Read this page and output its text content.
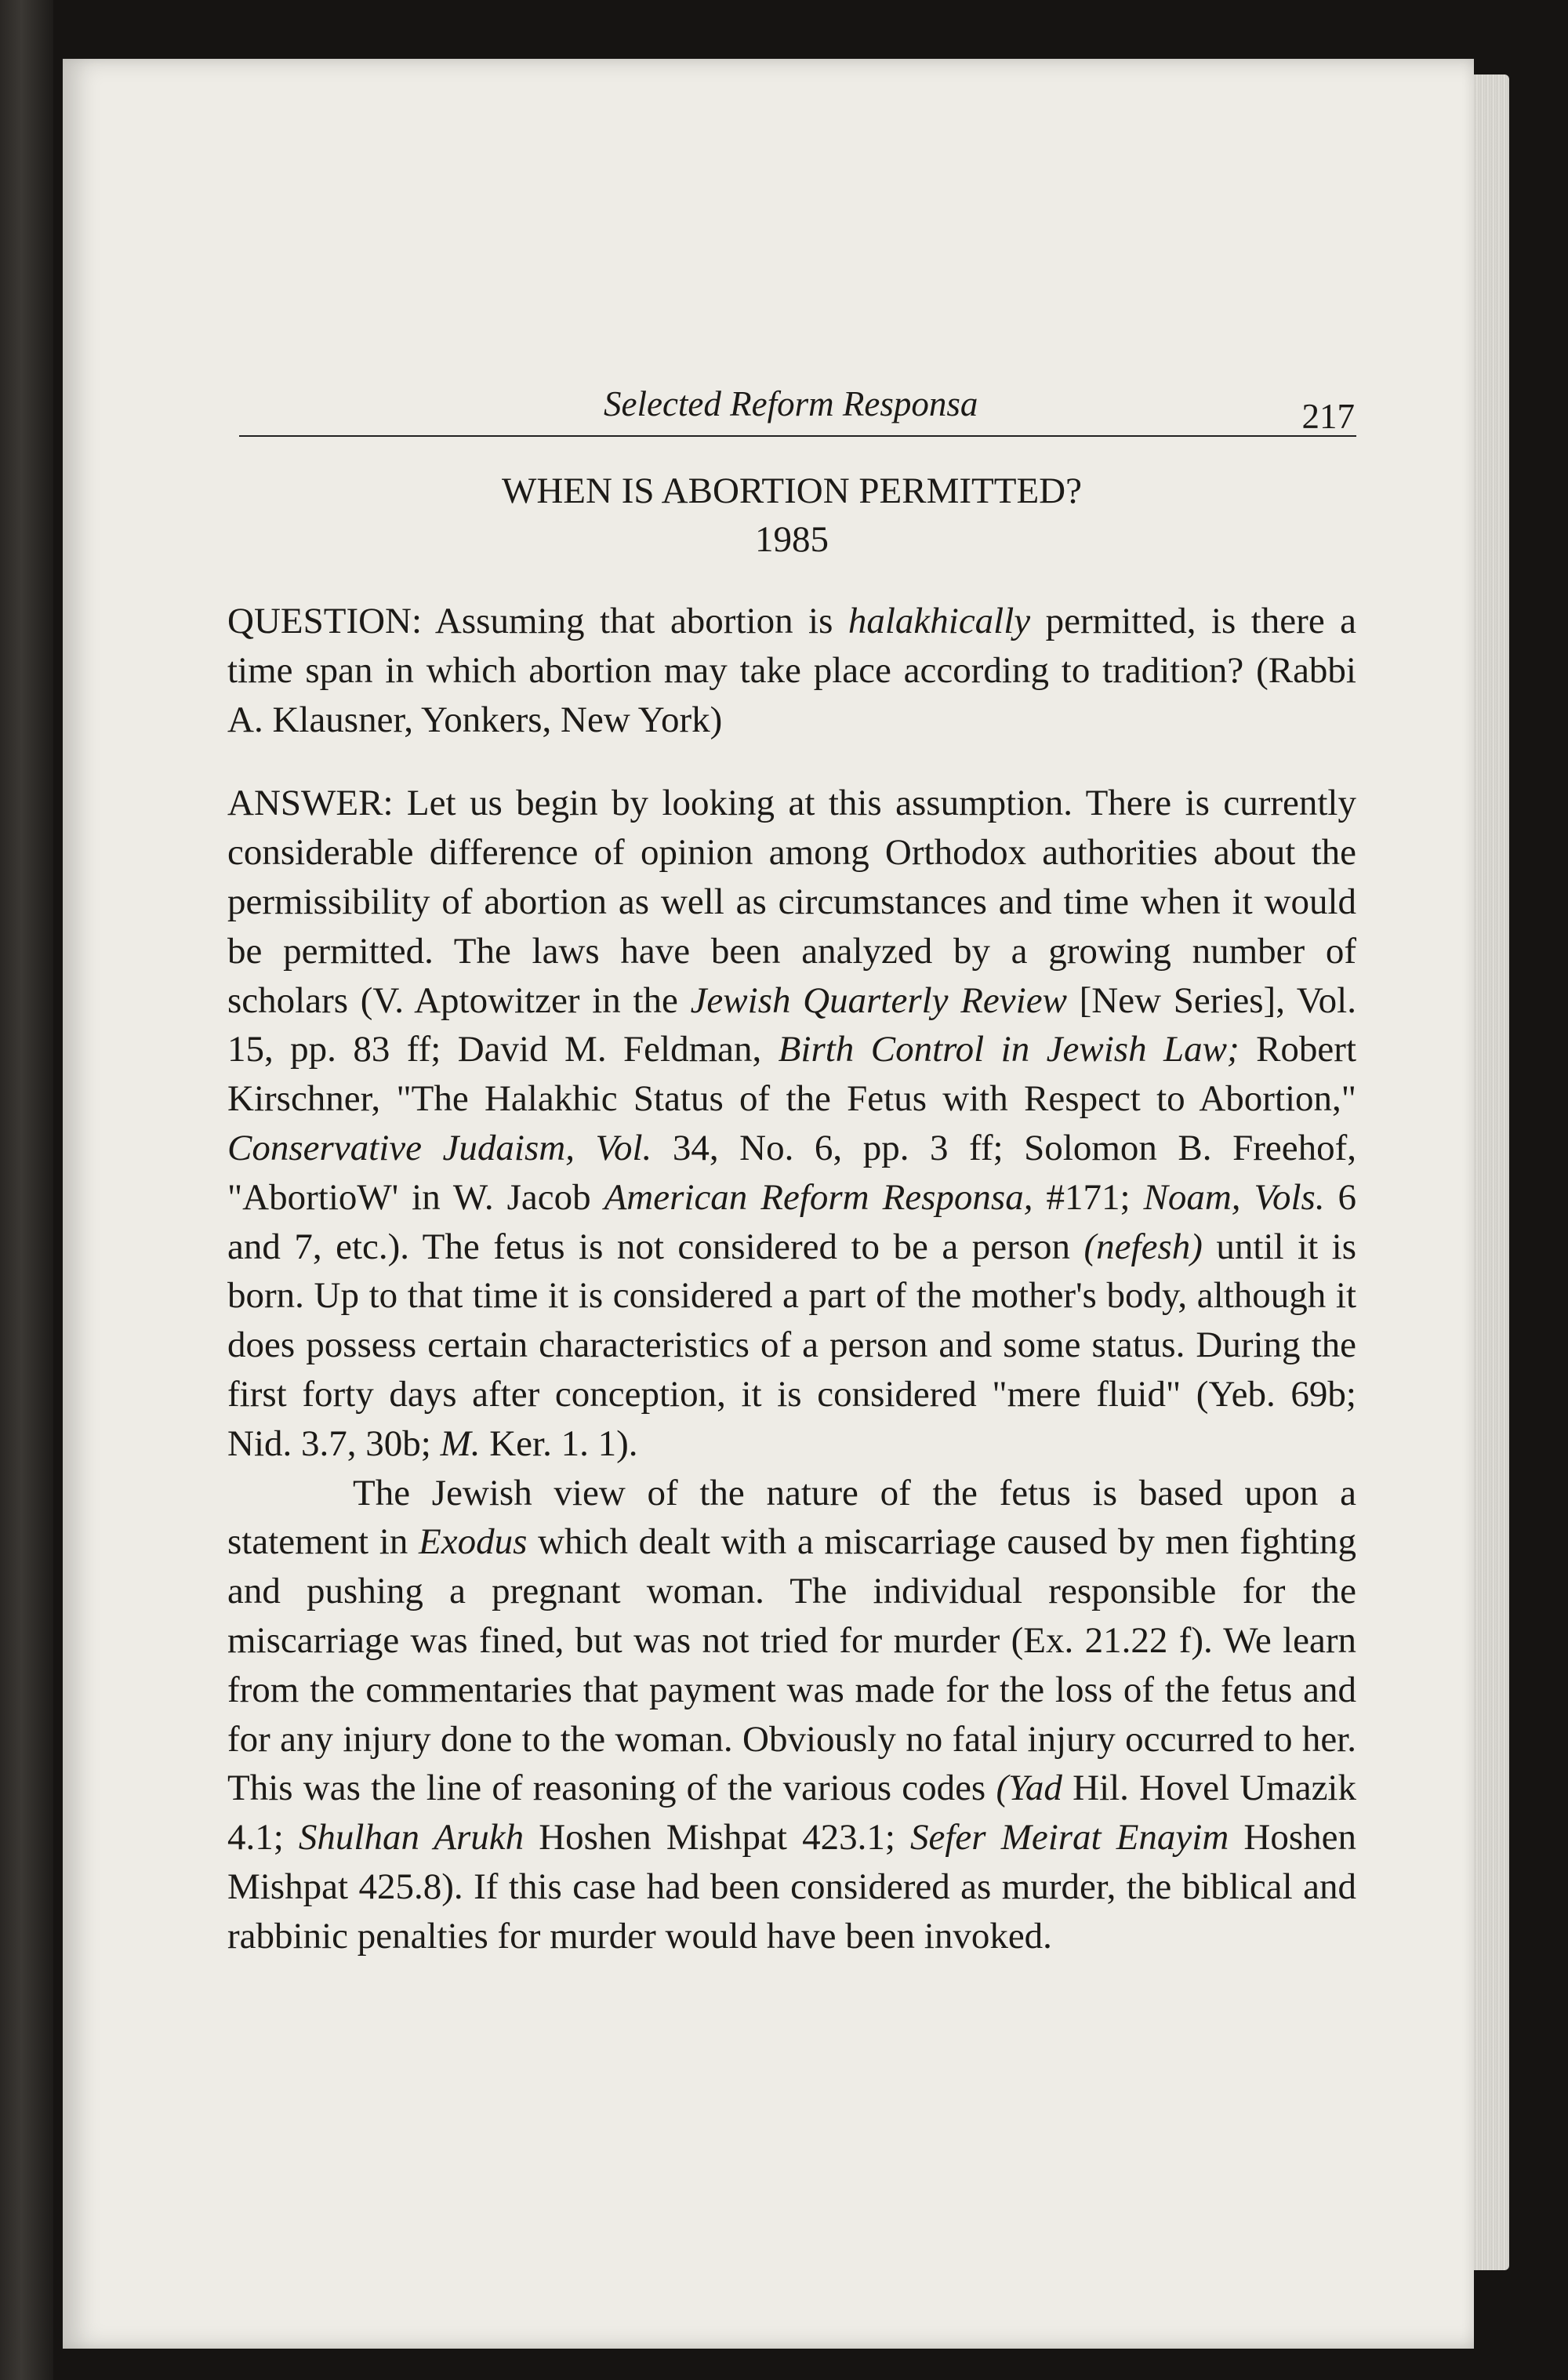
Selected Reform Responsa	217
WHEN IS ABORTION PERMITTED?
1985

QUESTION: Assuming that abortion is halakhically permitted, is there a time span in which abortion may take place according to tradition? (Rabbi A. Klausner, Yonkers, New York)

ANSWER: Let us begin by looking at this assumption. There is currently considerable difference of opinion among Orthodox authorities about the permissibility of abortion as well as circumstances and time when it would be permitted. The laws have been analyzed by a growing number of scholars (V. Aptowitzer in the Jewish Quarterly Review [New Series], Vol. 15, pp. 83 ff; David M. Feldman, Birth Control in Jewish Law; Robert Kirschner, "The Halakhic Status of the Fetus with Respect to Abortion," Conservative Judaism, Vol. 34, No. 6, pp. 3 ff; Solomon B. Freehof, "AbortioW' in W. Jacob American Reform Responsa, #171; Noam, Vols. 6 and 7, etc.). The fetus is not considered to be a person (nefesh) until it is born. Up to that time it is considered a part of the mother's body, although it does possess certain characteristics of a person and some status. During the first forty days after conception, it is considered "mere fluid" (Yeb. 69b; Nid. 3.7, 30b; M. Ker. 1. 1).

The Jewish view of the nature of the fetus is based upon a statement in Exodus which dealt with a miscarriage caused by men fighting and pushing a pregnant woman. The individual responsible for the miscarriage was fined, but was not tried for murder (Ex. 21.22 f). We learn from the commentaries that payment was made for the loss of the fetus and for any injury done to the woman. Obviously no fatal injury occurred to her. This was the line of reasoning of the various codes (Yad Hil. Hovel Umazik 4.1; Shulhan Arukh Hoshen Mishpat 423.1; Sefer Meirat Enayim Hoshen Mishpat 425.8). If this case had been considered as murder, the biblical and rabbinic penalties for murder would have been invoked.
